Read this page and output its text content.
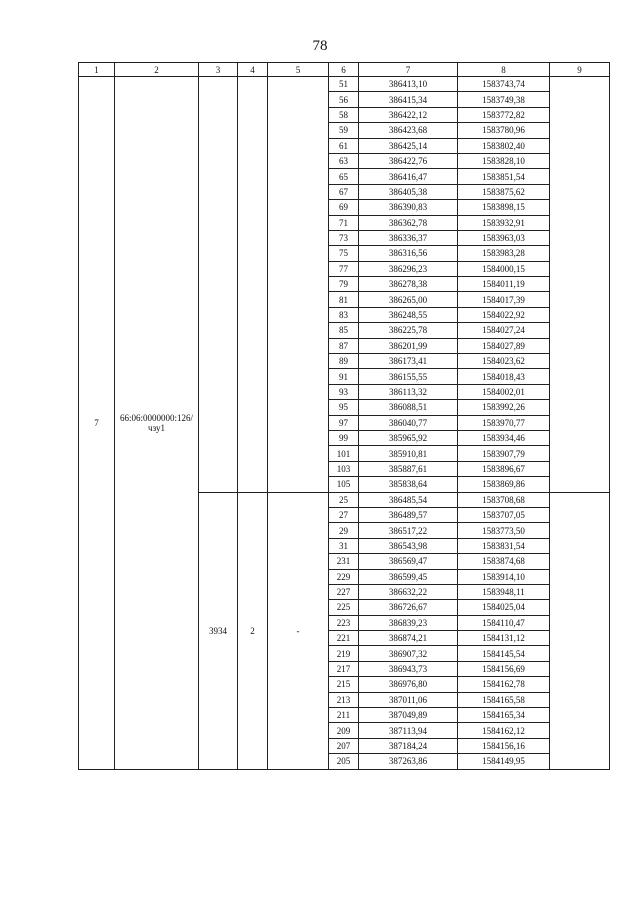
78
1	2	3	4	5	6	7	8	9
7	66:06:0000000:126/чзу1				51	386413,10	1583743,74	
					56	386415,34	1583749,38	
					58	386422,12	1583772,82	
					59	386423,68	1583780,96	
					61	386425,14	1583802,40	
					63	386422,76	1583828,10	
					65	386416,47	1583851,54	
					67	386405,38	1583875,62	
					69	386390,83	1583898,15	
					71	386362,78	1583932,91	
					73	386336,37	1583963,03	
					75	386316,56	1583983,28	
					77	386296,23	1584000,15	
					79	386278,38	1584011,19	
					81	386265,00	1584017,39	
					83	386248,55	1584022,92	
					85	386225,78	1584027,24	
					87	386201,99	1584027,89	
					89	386173,41	1584023,62	
					91	386155,55	1584018,43	
					93	386113,32	1584002,01	
					95	386088,51	1583992,26	
					97	386040,77	1583970,77	
					99	385965,92	1583934,46	
					101	385910,81	1583907,79	
					103	385887,61	1583896,67	
					105	385838,64	1583869,86	
		3934	2	-	25	386485,54	1583708,68	
					27	386489,57	1583707,05	
					29	386517,22	1583773,50	
					31	386543,98	1583831,54	
					231	386569,47	1583874,68	
					229	386599,45	1583914,10	
					227	386632,22	1583948,11	
					225	386726,67	1584025,04	
					223	386839,23	1584110,47	
					221	386874,21	1584131,12	
					219	386907,32	1584145,54	
					217	386943,73	1584156,69	
					215	386976,80	1584162,78	
					213	387011,06	1584165,58	
					211	387049,89	1584165,34	
					209	387113,94	1584162,12	
					207	387184,24	1584156,16	
					205	387263,86	1584149,95	
